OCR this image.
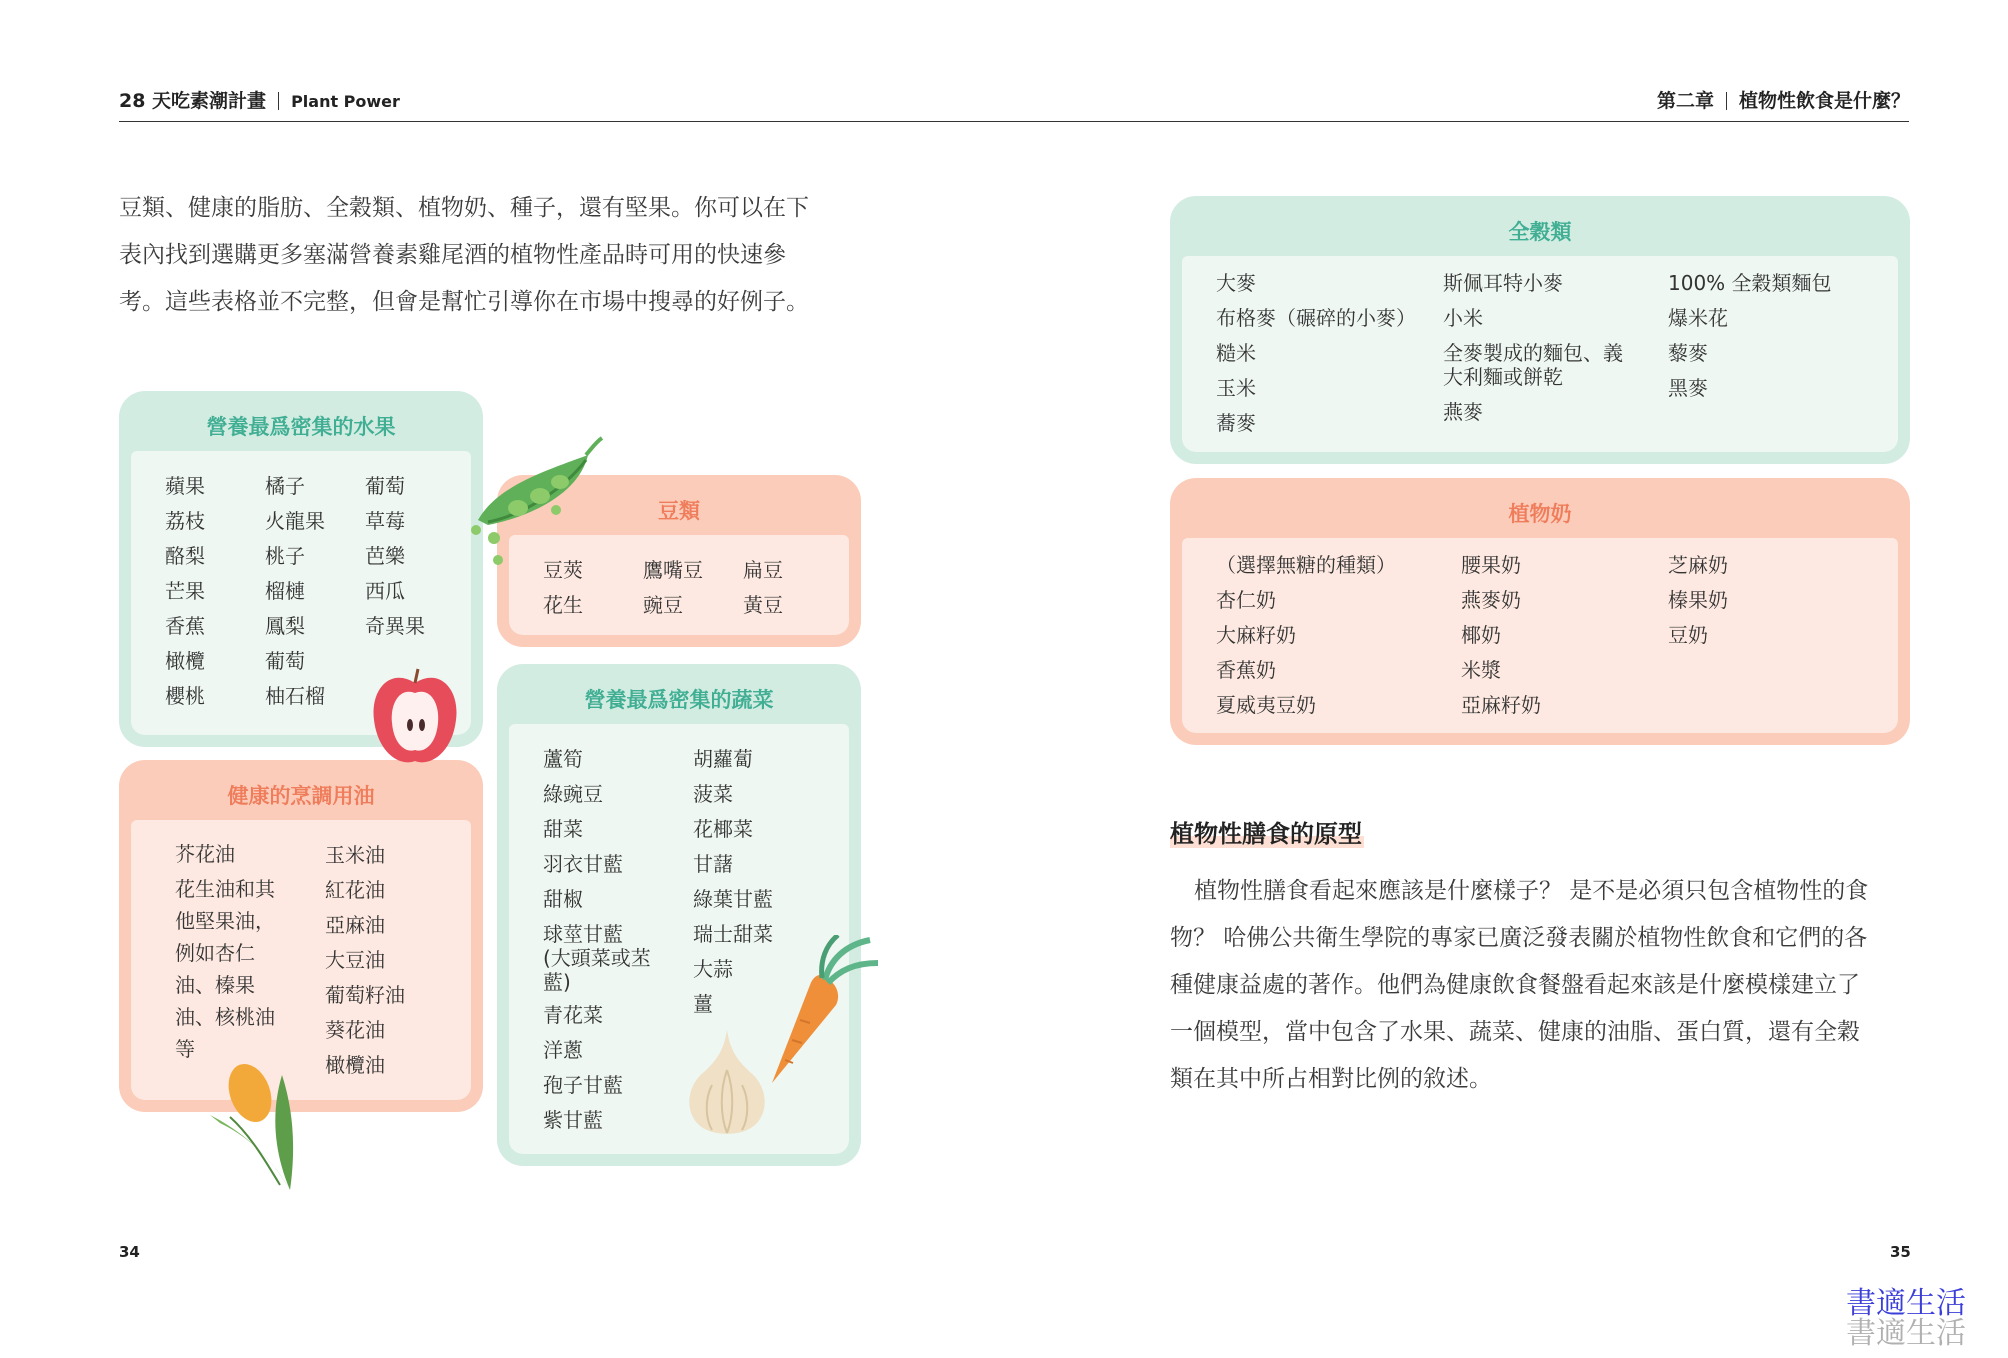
28 天吃素潮計畫 Plant Power	第二章 植物性飲食是什麼？
豆類、健康的脂肪、全穀類、植物奶、種子，還有堅果。你可以在下
表內找到選購更多塞滿營養素雞尾酒的植物性產品時可用的快速參
考。這些表格並不完整，但會是幫忙引導你在市場中搜尋的好例子。
營養最爲密集的水果
蘋果
荔枝
酪梨
芒果
香蕉
橄欖
櫻桃
橘子
火龍果
桃子
榴槤
鳳梨
葡萄
柚石榴
葡萄
草莓
芭樂
西瓜
奇異果
豆類
豆莢
花生
鷹嘴豆
豌豆
扁豆
黃豆
健康的烹調用油
芥花油
花生油和其
他堅果油，
例如杏仁
油、榛果
油、核桃油
等
玉米油
紅花油
亞麻油
大豆油
葡萄籽油
葵花油
橄欖油
營養最爲密集的蔬菜
蘆筍
綠豌豆
甜菜
羽衣甘藍
甜椒
球莖甘藍
(大頭菜或苤
藍)
青花菜
洋蔥
孢子甘藍
紫甘藍
胡蘿蔔
菠菜
花椰菜
甘藷
綠葉甘藍
瑞士甜菜
大蒜
薑
全穀類
大麥
布格麥（碾碎的小麥）
糙米
玉米
蕎麥
斯佩耳特小麥
小米
全麥製成的麵包、義
大利麵或餅乾
燕麥
100% 全穀類麵包
爆米花
藜麥
黑麥
植物奶
（選擇無糖的種類）
杏仁奶
大麻籽奶
香蕉奶
夏威夷豆奶
腰果奶
燕麥奶
椰奶
米漿
亞麻籽奶
芝麻奶
榛果奶
豆奶
植物性膳食的原型
植物性膳食看起來應該是什麼樣子？ 是不是必須只包含植物性的食
物？ 哈佛公共衛生學院的專家已廣泛發表關於植物性飲食和它們的各
種健康益處的著作。他們為健康飲食餐盤看起來該是什麼模樣建立了
一個模型，當中包含了水果、蔬菜、健康的油脂、蛋白質，還有全穀
類在其中所占相對比例的敘述。
34	35
書適生活
書適生活
